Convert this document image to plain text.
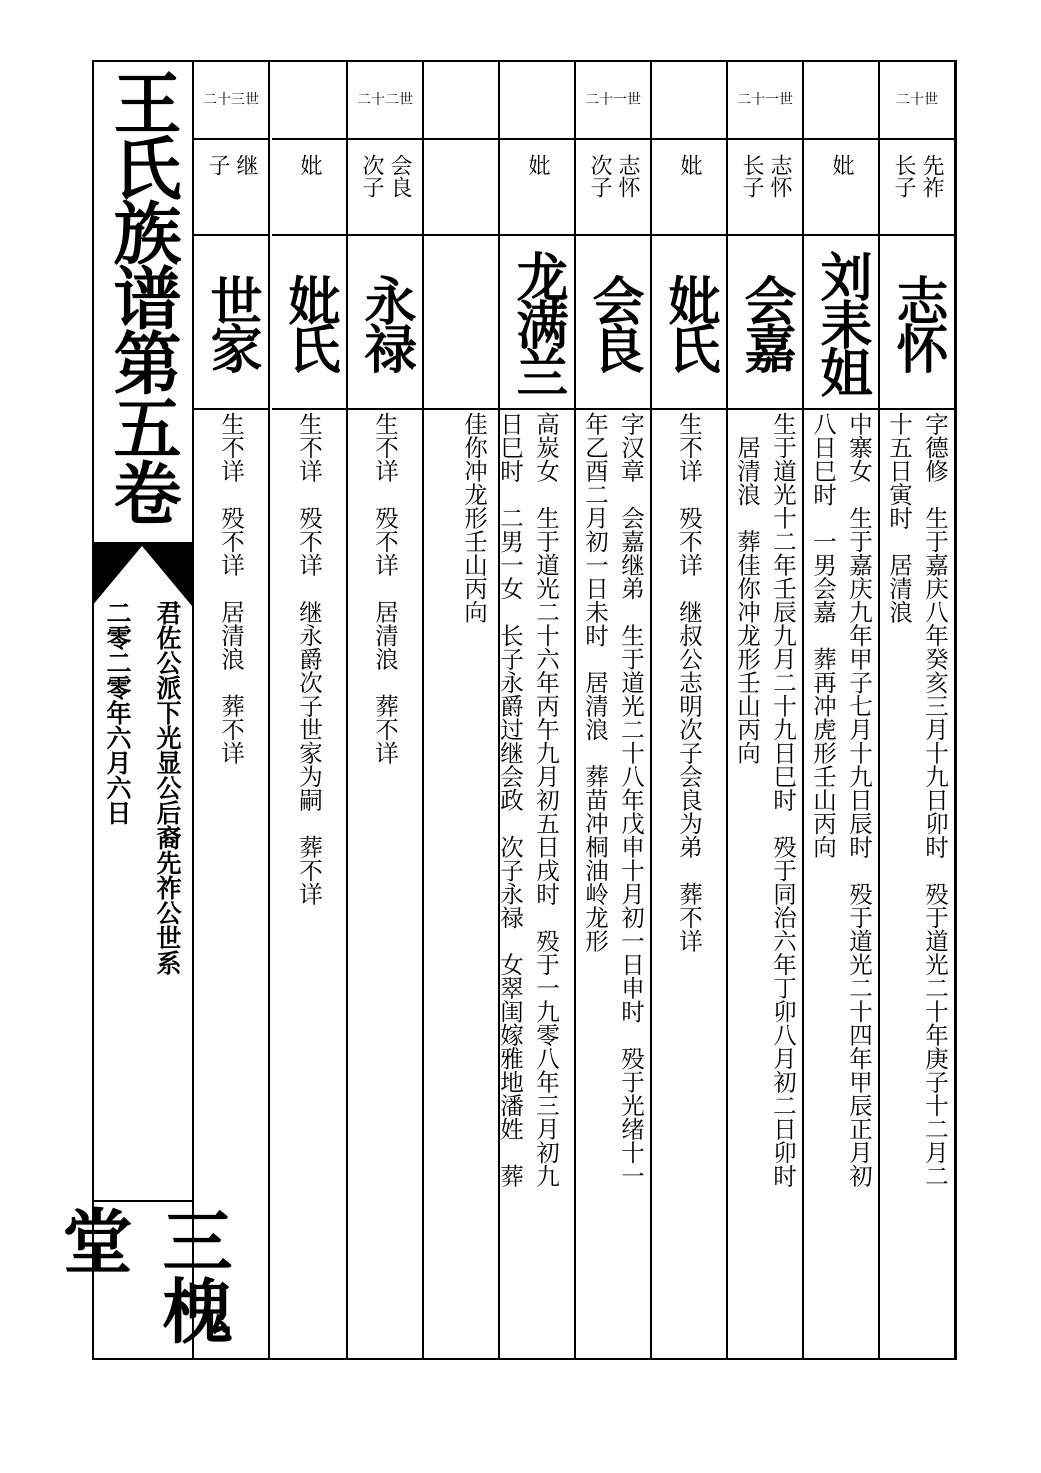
王氏族谱第五卷
君佐公派下光显公后裔先祚公世系
二零二零年六月六日
三槐堂
二十世
先祚
长子
志怀
字德修　生于嘉庆八年癸亥三月十九日卯时　殁于道光二十年庚子十二月二
十五日寅时　居清浪
妣
刘耒姐
中寨女　生于嘉庆九年甲子七月十九日辰时　殁于道光二十四年甲辰正月初
八日巳时　一男会嘉　葬再冲虎形壬山丙向
二十一世
志怀
长子
会嘉
生于道光十二年壬辰九月二十九日巳时　殁于同治六年丁卯八月初二日卯时
　居清浪　葬佳你冲龙形壬山丙向
妣
妣氏
生不详　殁不详　继叔公志明次子会良为弟　葬不详
二十一世
志怀
次子
会良
字汉章　会嘉继弟　生于道光二十八年戊申十月初一日申时　殁于光绪十一
年乙酉二月初一日未时　居清浪　葬苗冲桐油岭龙形
妣
龙满兰
高炭女　生于道光二十六年丙午九月初五日戌时　殁于一九零八年三月初九
日巳时　二男一女　长子永爵过继会政　次子永禄　女翠闺嫁雅地潘姓　葬
佳你冲龙形壬山丙向
二十二世
会良
次子
永禄
生不详　殁不详　居清浪　葬不详
妣
妣氏
生不详　殁不详　继永爵次子世家为嗣　葬不详
二十三世
继
子
世家
生不详　殁不详　居清浪　葬不详
